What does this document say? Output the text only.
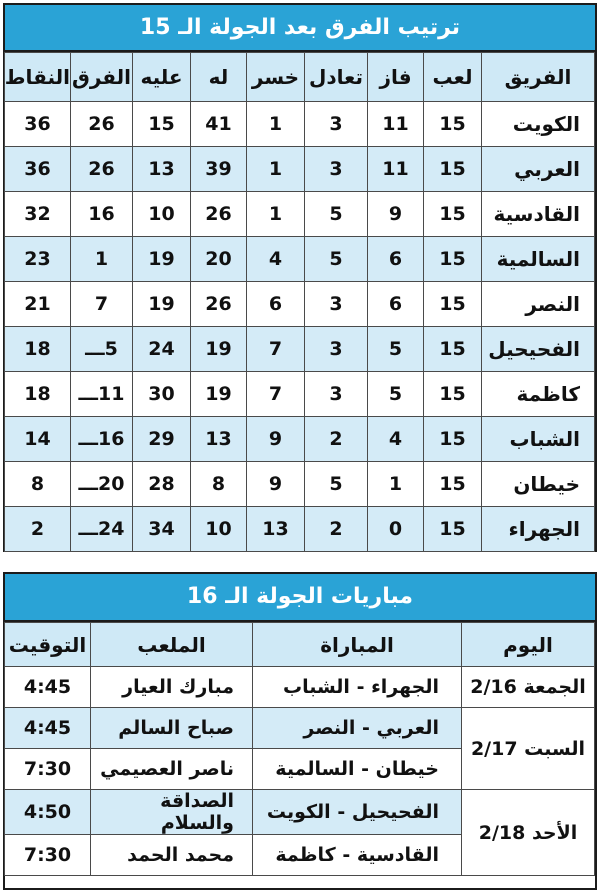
ترتيب الفرق بعد الجولة الـ 15
الفريق	لعب	فاز	تعادل	خسر	له	عليه	الفرق	النقاط
الكويت	15	11	3	1	41	15	26	36
العربي	15	11	3	1	39	13	26	36
القادسية	15	9	5	1	26	10	16	32
السالمية	15	6	5	4	20	19	1	23
النصر	15	6	3	6	26	19	7	21
الفحيحيل	15	5	3	7	19	24	5ـــ	18
كاظمة	15	5	3	7	19	30	11ـــ	18
الشباب	15	4	2	9	13	29	16ـــ	14
خيطان	15	1	5	9	8	28	20ـــ	8
الجهراء	15	0	2	13	10	34	24ـــ	2
مباريات الجولة الـ 16
اليوم	المباراة	الملعب	التوقيت
الجمعة 2/16	الجهراء - الشباب	مبارك العيار	4:45
السبت 2/17	العربي - النصر	صباح السالم	4:45
	خيطان - السالمية	ناصر العصيمي	7:30
الأحد 2/18	الفحيحيل - الكويت	الصداقة والسلام	4:50
	القادسية - كاظمة	محمد الحمد	7:30
